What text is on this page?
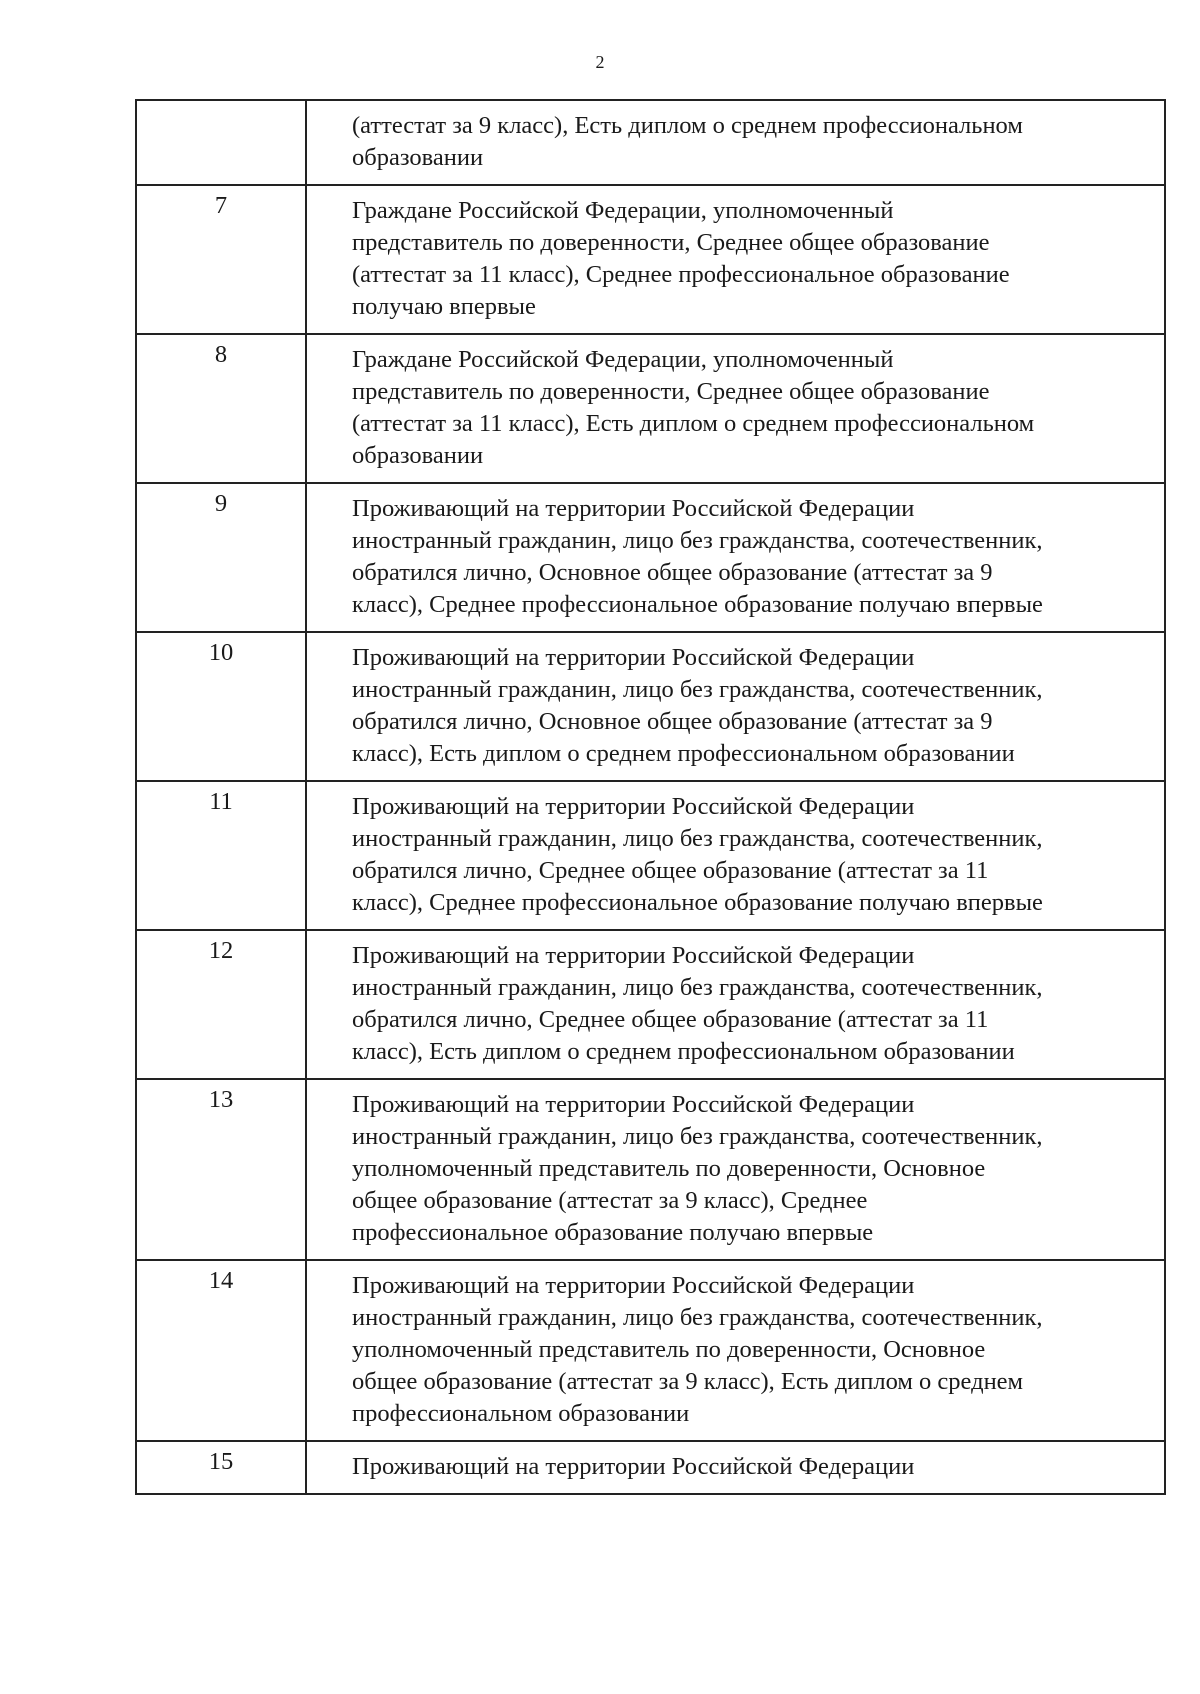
2
	(аттестат за 9 класс), Есть диплом о среднем профессиональном
образовании
7	Граждане Российской Федерации, уполномоченный
представитель по доверенности, Среднее общее образование
(аттестат за 11 класс), Среднее профессиональное образование
получаю впервые
8	Граждане Российской Федерации, уполномоченный
представитель по доверенности, Среднее общее образование
(аттестат за 11 класс), Есть диплом о среднем профессиональном
образовании
9	Проживающий на территории Российской Федерации
иностранный гражданин, лицо без гражданства, соотечественник,
обратился лично, Основное общее образование (аттестат за 9
класс), Среднее профессиональное образование получаю впервые
10	Проживающий на территории Российской Федерации
иностранный гражданин, лицо без гражданства, соотечественник,
обратился лично, Основное общее образование (аттестат за 9
класс), Есть диплом о среднем профессиональном образовании
11	Проживающий на территории Российской Федерации
иностранный гражданин, лицо без гражданства, соотечественник,
обратился лично, Среднее общее образование (аттестат за 11
класс), Среднее профессиональное образование получаю впервые
12	Проживающий на территории Российской Федерации
иностранный гражданин, лицо без гражданства, соотечественник,
обратился лично, Среднее общее образование (аттестат за 11
класс), Есть диплом о среднем профессиональном образовании
13	Проживающий на территории Российской Федерации
иностранный гражданин, лицо без гражданства, соотечественник,
уполномоченный представитель по доверенности, Основное
общее образование (аттестат за 9 класс), Среднее
профессиональное образование получаю впервые
14	Проживающий на территории Российской Федерации
иностранный гражданин, лицо без гражданства, соотечественник,
уполномоченный представитель по доверенности, Основное
общее образование (аттестат за 9 класс), Есть диплом о среднем
профессиональном образовании
15	Проживающий на территории Российской Федерации
